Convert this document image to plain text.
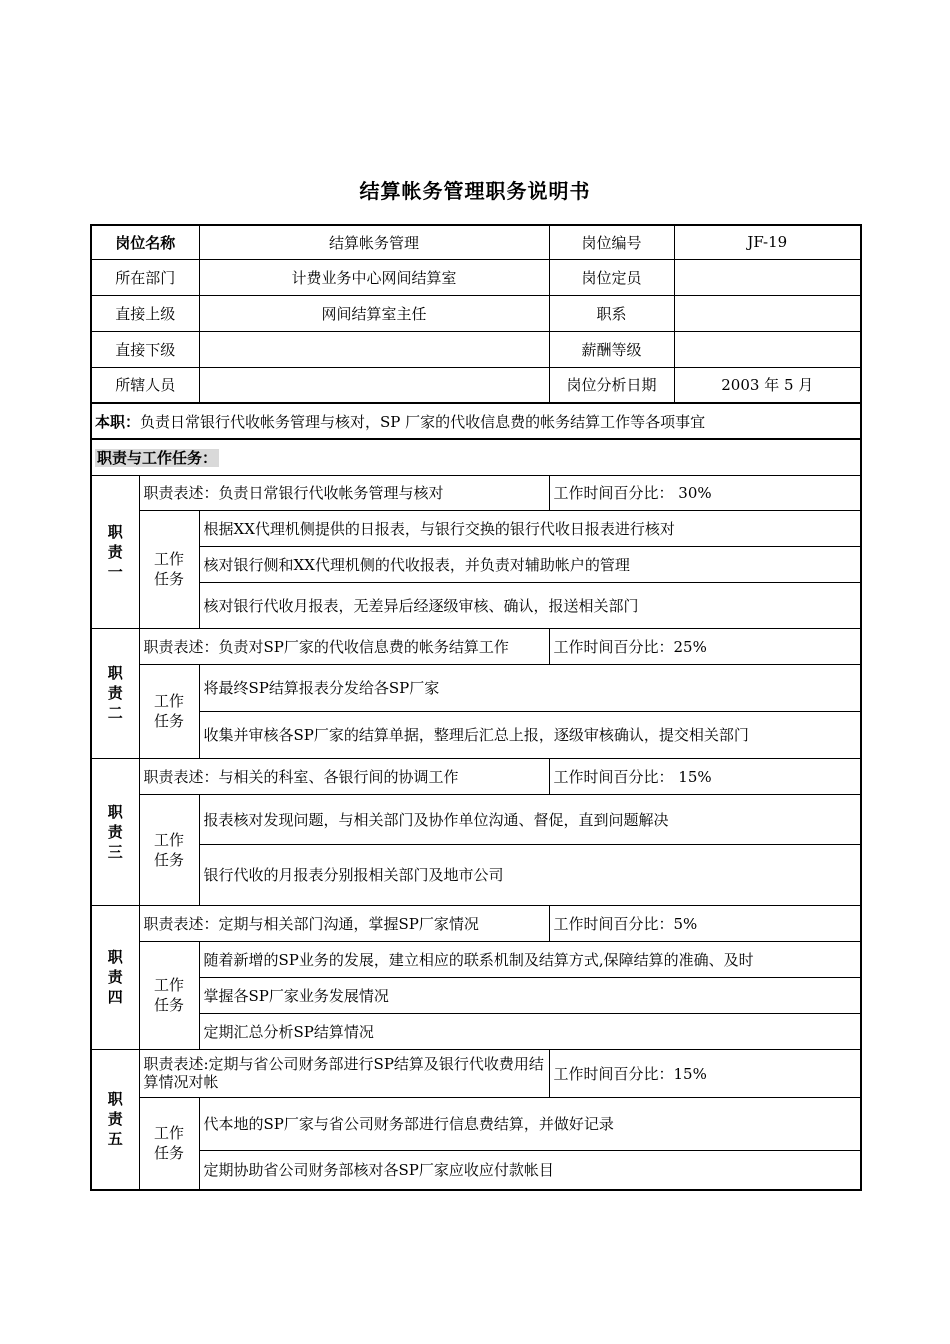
结算帐务管理职务说明书
岗位名称		结算帐务管理	岗位编号	JF-19
所在部门		计费业务中心网间结算室	岗位定员	
直接上级		网间结算室主任	职系	
直接下级			薪酬等级	
所辖人员			岗位分析日期	2003 年 5 月
本职：负责日常银行代收帐务管理与核对，SP 厂家的代收信息费的帐务结算工作等各项事宜				
职责与工作任务：				
职
责
一	职责表述：负责日常银行代收帐务管理与核对		工作时间百分比： 30%	
	工作
任务	根据XX代理机侧提供的日报表，与银行交换的银行代收日报表进行核对		
		核对银行侧和XX代理机侧的代收报表，并负责对辅助帐户的管理		
		核对银行代收月报表，无差异后经逐级审核、确认，报送相关部门		
职
责
二	职责表述：负责对SP厂家的代收信息费的帐务结算工作		工作时间百分比：25%	
	工作
任务	将最终SP结算报表分发给各SP厂家		
		收集并审核各SP厂家的结算单据，整理后汇总上报，逐级审核确认，提交相关部门		
职
责
三	职责表述：与相关的科室、各银行间的协调工作		工作时间百分比： 15%	
	工作
任务	报表核对发现问题，与相关部门及协作单位沟通、督促，直到问题解决		
		银行代收的月报表分别报相关部门及地市公司		
职
责
四	职责表述：定期与相关部门沟通，掌握SP厂家情况		工作时间百分比：5%	
	工作
任务	随着新增的SP业务的发展，建立相应的联系机制及结算方式,保障结算的准确、及时		
		掌握各SP厂家业务发展情况		
		定期汇总分析SP结算情况		
职
责
五	职责表述:定期与省公司财务部进行SP结算及银行代收费用结算情况对帐		工作时间百分比：15%	
	工作
任务	代本地的SP厂家与省公司财务部进行信息费结算，并做好记录		
		定期协助省公司财务部核对各SP厂家应收应付款帐目		
